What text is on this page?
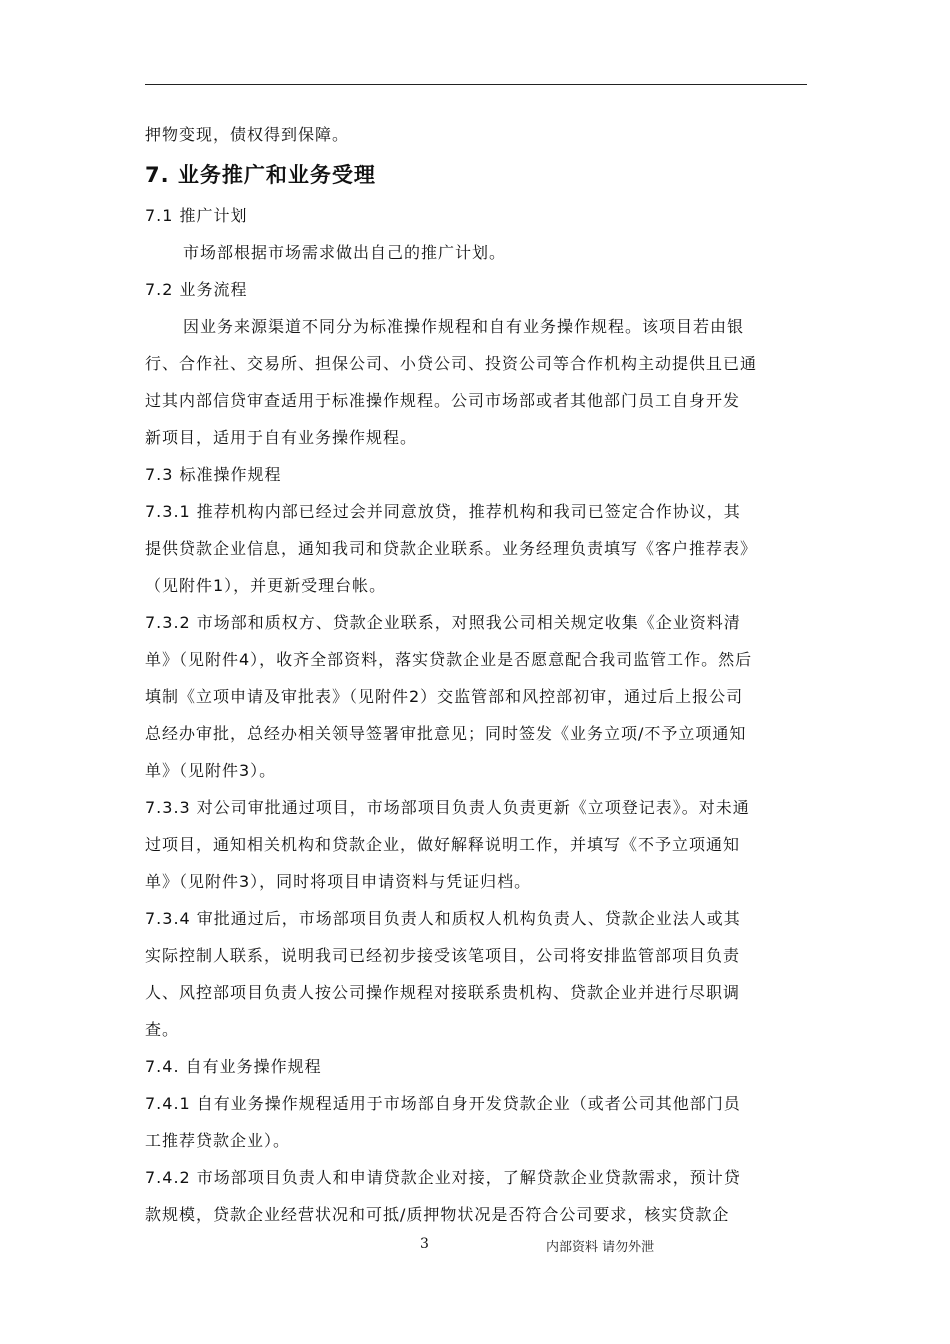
押物变现，债权得到保障。

7. 业务推广和业务受理

7.1 推广计划

市场部根据市场需求做出自己的推广计划。

7.2 业务流程

因业务来源渠道不同分为标准操作规程和自有业务操作规程。该项目若由银

行、合作社、交易所、担保公司、小贷公司、投资公司等合作机构主动提供且已通

过其内部信贷审查适用于标准操作规程。公司市场部或者其他部门员工自身开发

新项目，适用于自有业务操作规程。

7.3 标准操作规程

7.3.1 推荐机构内部已经过会并同意放贷，推荐机构和我司已签定合作协议，其

提供贷款企业信息，通知我司和贷款企业联系。业务经理负责填写《客户推荐表》

（见附件1），并更新受理台帐。

7.3.2 市场部和质权方、贷款企业联系，对照我公司相关规定收集《企业资料清

单》（见附件4），收齐全部资料，落实贷款企业是否愿意配合我司监管工作。然后

填制《立项申请及审批表》（见附件2）交监管部和风控部初审，通过后上报公司

总经办审批，总经办相关领导签署审批意见；同时签发《业务立项/不予立项通知

单》（见附件3）。

7.3.3 对公司审批通过项目，市场部项目负责人负责更新《立项登记表》。对未通

过项目，通知相关机构和贷款企业，做好解释说明工作，并填写《不予立项通知

单》（见附件3），同时将项目申请资料与凭证归档。

7.3.4 审批通过后，市场部项目负责人和质权人机构负责人、贷款企业法人或其

实际控制人联系，说明我司已经初步接受该笔项目，公司将安排监管部项目负责

人、风控部项目负责人按公司操作规程对接联系贵机构、贷款企业并进行尽职调

查。

7.4. 自有业务操作规程

7.4.1 自有业务操作规程适用于市场部自身开发贷款企业（或者公司其他部门员

工推荐贷款企业）。

7.4.2 市场部项目负责人和申请贷款企业对接，了解贷款企业贷款需求，预计贷

款规模，贷款企业经营状况和可抵/质押物状况是否符合公司要求，核实贷款企

3	内部资料 请勿外泄
